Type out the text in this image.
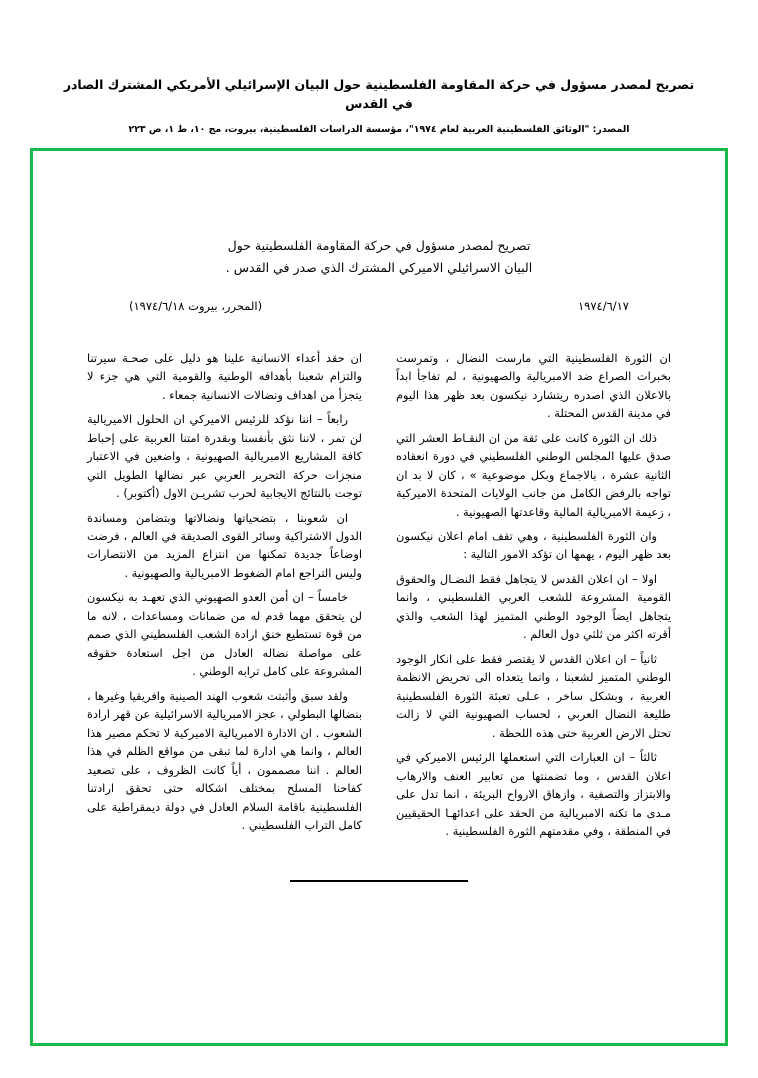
تصريح لمصدر مسؤول في حركة المقاومة الفلسطينية حول البيان الإسرائيلي الأمريكي المشترك الصادر في القدس
المصدر: "الوثائق الفلسطينية العربية لعام ١٩٧٤"، مؤسسة الدراسات الفلسطينية، بيروت، مج ١٠، ط ١، ص ٢٢٣
تصريح لمصدر مسؤول في حركة المقاومة الفلسطينية حول
البيان الاسرائيلي الاميركي المشترك الذي صدر في القدس .
١٩٧٤/٦/١٧
(المحرر، بيروت ١٩٧٤/٦/١٨)

ان الثورة الفلسطينية التي مارست النضال ، وتمرست بخبرات الصراع ضد الامبريالية والصهيونية ، لم تفاجأ ابداً بالاعلان الذي اصدره ريتشارد نيكسون بعد ظهر هذا اليوم في مدينة القدس المحتلة .

ذلك ان الثورة كانت على ثقة من ان النقـاط العشر التي صدق عليها المجلس الوطني الفلسطيني في دورة انعقاده الثانية عشرة ، بالاجماع وبكل موضوعية » ، كان لا بد ان تواجه بالرفض الكامل من جانب الولايات المتحدة الاميركية ، زعيمة الامبريالية المالية وقاعدتها الصهيونية .

وان الثورة الفلسطينية ، وهي تقف امام اعلان نيكسون بعد ظهر اليوم ، يهمها ان تؤكد الامور التالية :

اولا – ان اعلان القدس لا يتجاهل فقط النضـال والحقوق القومية المشروعة للشعب العربي الفلسطيني ، وانما يتجاهل ايضاً الوجود الوطني المتميز لهذا الشعب والذي أقرته اكثر من ثلثي دول العالم .

ثانياً – ان اعلان القدس لا يقتصر فقط على انكار الوجود الوطني المتميز لشعبنا ، وانما يتعداه الى تحريض الانظمة العربية ، وبشكل ساخر ، عـلى تعبئة الثورة الفلسطينية طليعة النضال العربي ، لحساب الصهيونية التي لا زالت تحتل الارض العربية حتى هذه اللحظة .

ثالثاً – ان العبارات التي استعملها الرئيس الاميركي في اعلان القدس ، وما تضمنتها من تعابير العنف والارهاب والابتزاز والتصفية ، وازهاق الارواح البريئة ، انما تدل على مـدى ما تكنه الامبريالية من الحقد على اعدائهـا الحقيقيين في المنطقة ، وفي مقدمتهم الثورة الفلسطينية .

ان حقد أعداء الانسانية علينا هو دليل على صحـة سيرتنا والتزام شعبنا بأهدافه الوطنية والقومية التي هي جزء لا يتجزأ من اهداف ونضالات الانسانية جمعاء .

رابعاً – اننا نؤكد للرئيس الاميركي ان الحلول الاميريالية لن تمر ، لاننا نثق بأنفسنا وبقدرة امتنا العربية على إحباط كافة المشاريع الامبريالية الصهيونية ، واضعين في الاعتبار منجزات حركة التحرير العربي عبر نضالها الطويل التي توجت بالنتائج الايجابية لحرب تشريـن الاول (أكتوبر) .

ان شعوبنا ، بتضحياتها ونضالاتها وبتضامن ومساندة الدول الاشتراكية وسائر القوى الصديقة في العالم ، فرضت اوضاعاً جديدة تمكنها من انتزاع المزيد من الانتصارات وليس التراجع امام الضغوط الامبريالية والصهيونية .

خامساً – ان أمن العدو الصهيوني الذي تعهـد به نيكسون لن يتحقق مهما قدم له من ضمانات ومساعدات ، لانه ما من قوة تستطيع خنق ارادة الشعب الفلسطيني الذي صمم على مواصلة نضاله العادل من اجل استعادة حقوقه المشروعة على كامل ترابه الوطني .

ولقد سبق وأثبتت شعوب الهند الصينية وافريقيا وغيرها ، بنضالها البطولي ، عجز الامبريالية الاسرائيلية عن قهر ارادة الشعوب . ان الادارة الامبريالية الاميركية لا تحكم مصير هذا العالم ، وانما هي ادارة لما تبقى من مواقع الظلم في هذا العالم . اننا مصممون ، أياً كانت الظروف ، على تصعيد كفاحنا المسلح بمختلف اشكاله حتى تحقق ارادتنا الفلسطينية باقامة السلام العادل في دولة ديمقراطية على كامل التراب الفلسطيني .
